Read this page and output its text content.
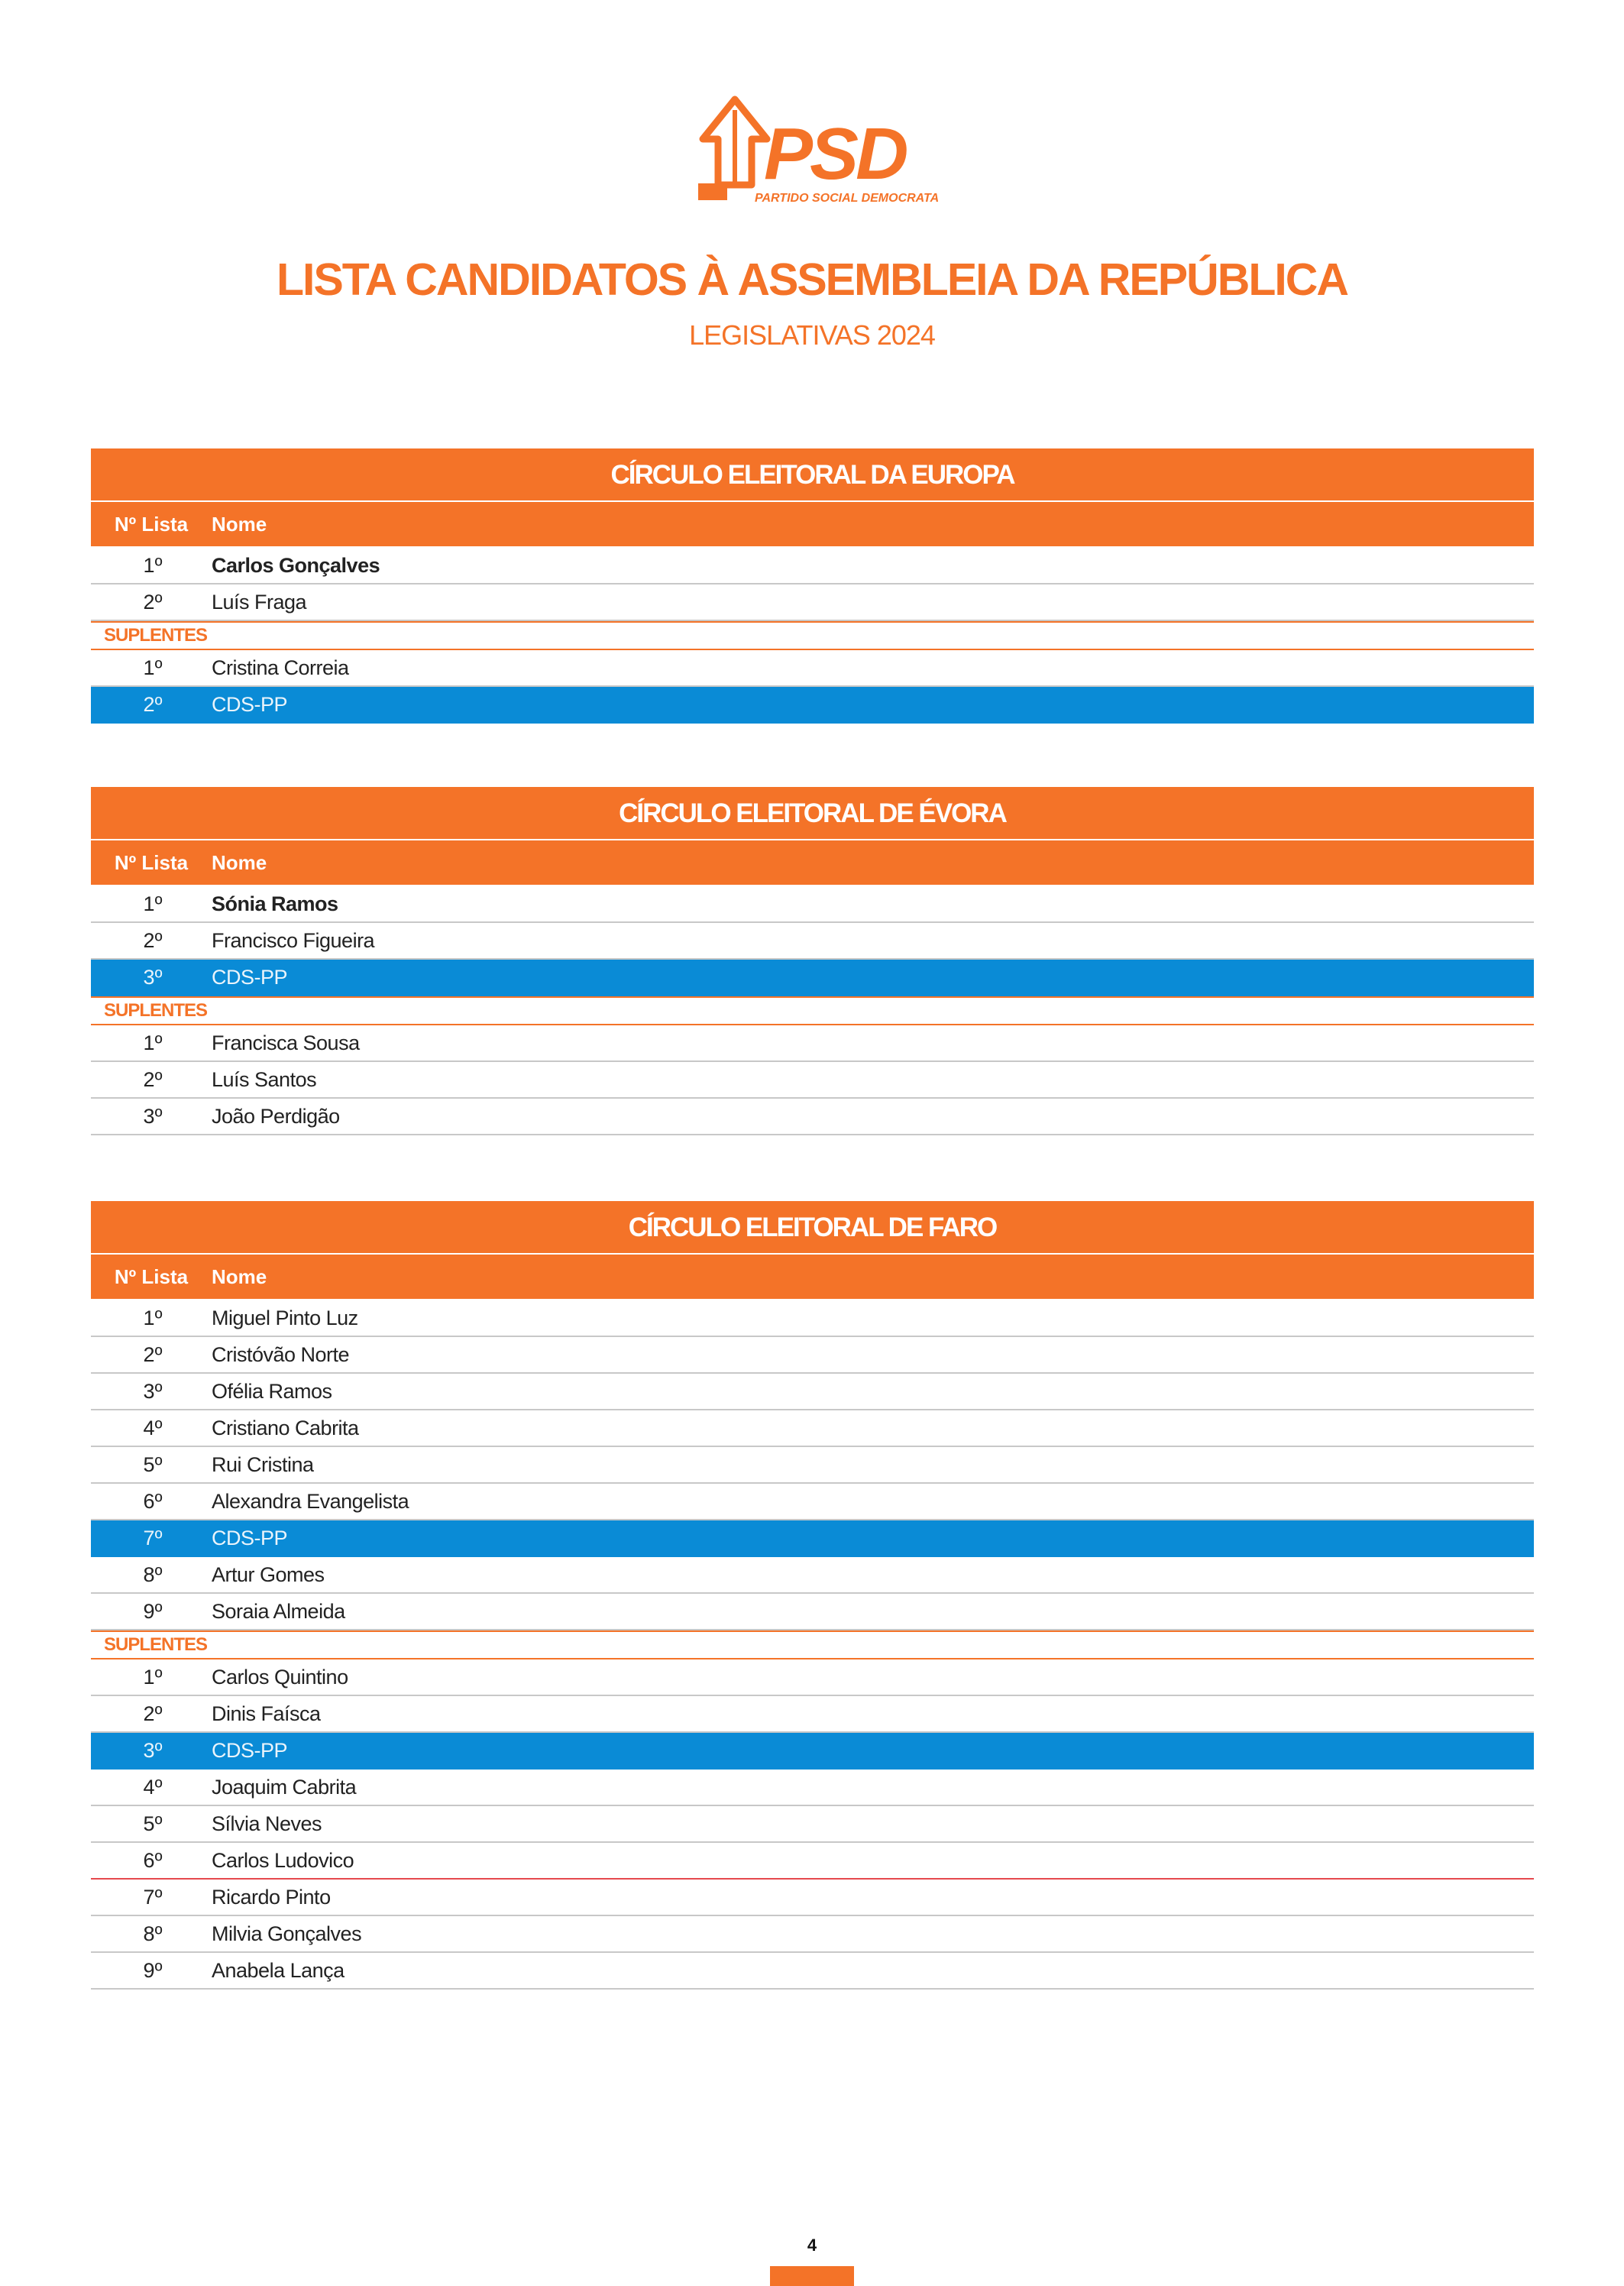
PSD
PARTIDO SOCIAL DEMOCRATA
LISTA CANDIDATOS À ASSEMBLEIA DA REPÚBLICA
LEGISLATIVAS 2024
CÍRCULO ELEITORAL DA EUROPA
Nº Lista	Nome
1º	Carlos Gonçalves
2º	Luís Fraga
SUPLENTES
1º	Cristina Correia
2º	CDS-PP
CÍRCULO ELEITORAL DE ÉVORA
Nº Lista	Nome
1º	Sónia Ramos
2º	Francisco Figueira
3º	CDS-PP
SUPLENTES
1º	Francisca Sousa
2º	Luís Santos
3º	João Perdigão
CÍRCULO ELEITORAL DE FARO
Nº Lista	Nome
1º	Miguel Pinto Luz
2º	Cristóvão Norte
3º	Ofélia Ramos
4º	Cristiano Cabrita
5º	Rui Cristina
6º	Alexandra Evangelista
7º	CDS-PP
8º	Artur Gomes
9º	Soraia Almeida
SUPLENTES
1º	Carlos Quintino
2º	Dinis Faísca
3º	CDS-PP
4º	Joaquim Cabrita
5º	Sílvia Neves
6º	Carlos Ludovico
7º	Ricardo Pinto
8º	Milvia Gonçalves
9º	Anabela Lança
4
